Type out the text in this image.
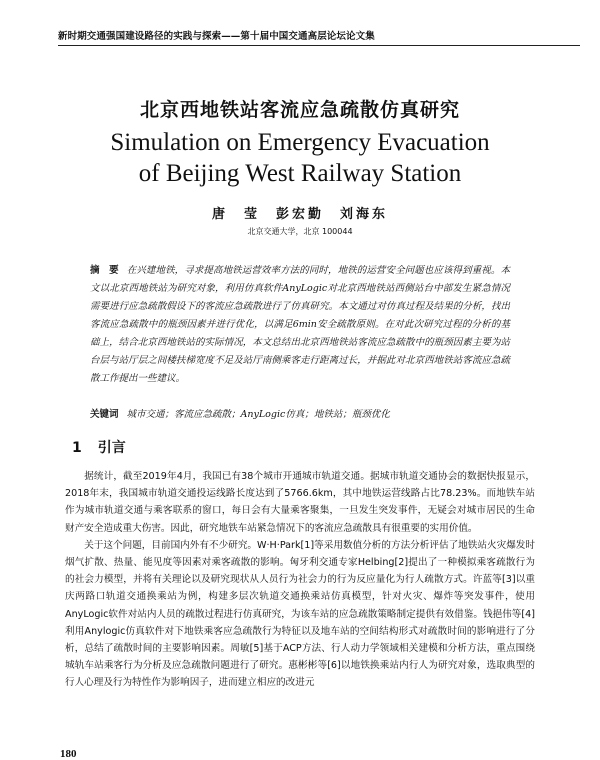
新时期交通强国建设路径的实践与探索——第十届中国交通高层论坛论文集
北京西地铁站客流应急疏散仿真研究
Simulation on Emergency Evacuation
of Beijing West Railway Station
唐　莹　彭宏勤　刘海东
北京交通大学，北京 100044
摘　要 在兴建地铁，寻求提高地铁运营效率方法的同时，地铁的运营安全问题也应该得到重视。本文以北京西地铁站为研究对象，利用仿真软件AnyLogic对北京西地铁站西侧站台中部发生紧急情况需要进行应急疏散假设下的客流应急疏散进行了仿真研究。本文通过对仿真过程及结果的分析，找出客流应急疏散中的瓶颈因素并进行优化，以满足6min安全疏散原则。在对此次研究过程的分析的基础上，结合北京西地铁站的实际情况，本文总结出北京西地铁站客流应急疏散中的瓶颈因素主要为站台层与站厅层之间楼扶梯宽度不足及站厅南侧乘客走行距离过长，并据此对北京西地铁站客流应急疏散工作提出一些建议。
关键词 城市交通；客流应急疏散；AnyLogic仿真；地铁站；瓶颈优化
1 引言

据统计，截至2019年4月，我国已有38个城市开通城市轨道交通。据城市轨道交通协会的数据快报显示，2018年末，我国城市轨道交通投运线路长度达到了5766.6km，其中地铁运营线路占比78.23%。而地铁车站作为城市轨道交通与乘客联系的窗口，每日会有大量乘客聚集，一旦发生突发事件，无疑会对城市居民的生命财产安全造成重大伤害。因此，研究地铁车站紧急情况下的客流应急疏散具有很重要的实用价值。

关于这个问题，目前国内外有不少研究。W·H·Park[1]等采用数值分析的方法分析评估了地铁站火灾爆发时烟气扩散、热量、能见度等因素对乘客疏散的影响。匈牙利交通专家Helbing[2]提出了一种模拟乘客疏散行为的社会力模型，并将有关理论以及研究现状从人员行为社会力的行为反应量化为行人疏散方式。许蓝等[3]以重庆两路口轨道交通换乘站为例，构建多层次轨道交通换乘站仿真模型，针对火灾、爆炸等突发事件，使用AnyLogic软件对站内人员的疏散过程进行仿真研究，为该车站的应急疏散策略制定提供有效借鉴。钱挹伟等[4]利用Anylogic仿真软件对下地铁乘客应急疏散行为特征以及地车站的空间结构形式对疏散时间的影响进行了分析，总结了疏散时间的主要影响因素。周敏[5]基于ACP方法、行人动力学领域相关建模和分析方法，重点围绕城轨车站乘客行为分析及应急疏散问题进行了研究。惠彬彬等[6]以地铁换乘站内行人为研究对象，选取典型的行人心理及行为特性作为影响因子，进而建立相应的改进元

180
